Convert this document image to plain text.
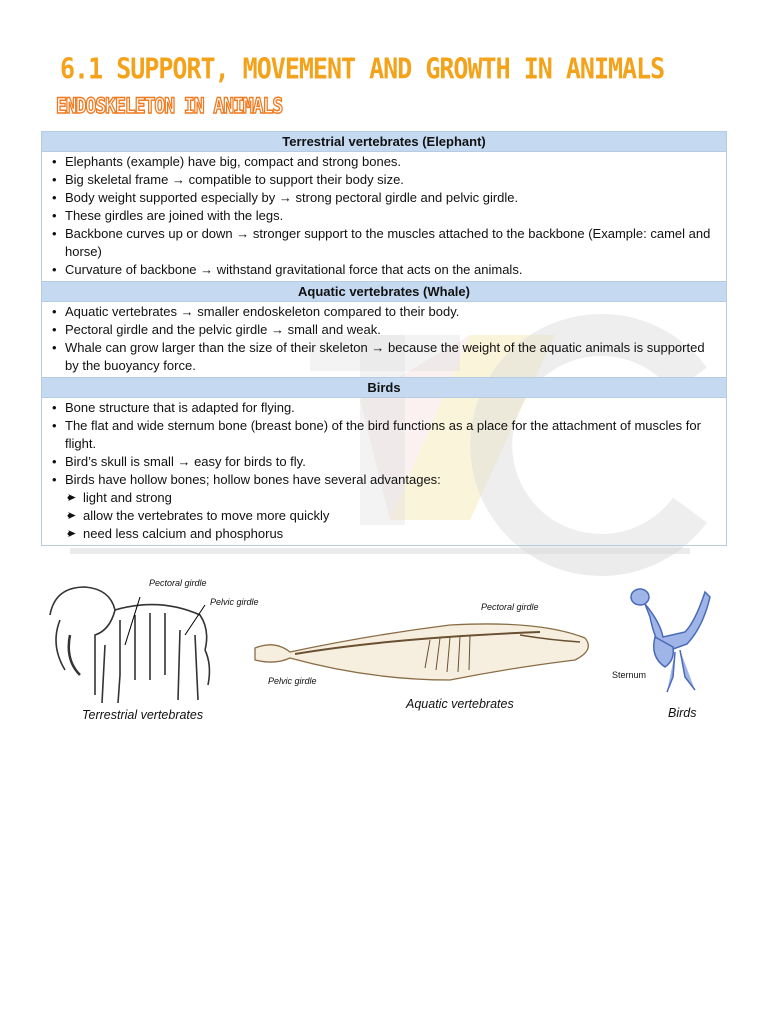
6.1 SUPPORT, MOVEMENT AND GROWTH IN ANIMALS
ENDOSKELETON IN ANIMALS
Terrestrial vertebrates (Elephant)
• Elephants (example) have big, compact and strong bones.
• Big skeletal frame → compatible to support their body size.
• Body weight supported especially by → strong pectoral girdle and pelvic girdle.
• These girdles are joined with the legs.
• Backbone curves up or down → stronger support to the muscles attached to the backbone (Example: camel and horse)
• Curvature of backbone → withstand gravitational force that acts on the animals.
Aquatic vertebrates (Whale)
• Aquatic vertebrates → smaller endoskeleton compared to their body.
• Pectoral girdle and the pelvic girdle → small and weak.
• Whale can grow larger than the size of their skeleton → because the weight of the aquatic animals is supported by the buoyancy force.
Birds
• Bone structure that is adapted for flying.
• The flat and wide sternum bone (breast bone) of the bird functions as a place for the attachment of muscles for flight.
• Bird’s skull is small → easy for birds to fly.
• Birds have hollow bones; hollow bones have several advantages:
• ➤ light and strong
• ➤ allow the vertebrates to move more quickly
• ➤ need less calcium and phosphorus
Pectoral girdle
Pelvic girdle
Terrestrial vertebrates
Pectoral girdle
Pelvic girdle
Aquatic vertebrates
Sternum
Birds
